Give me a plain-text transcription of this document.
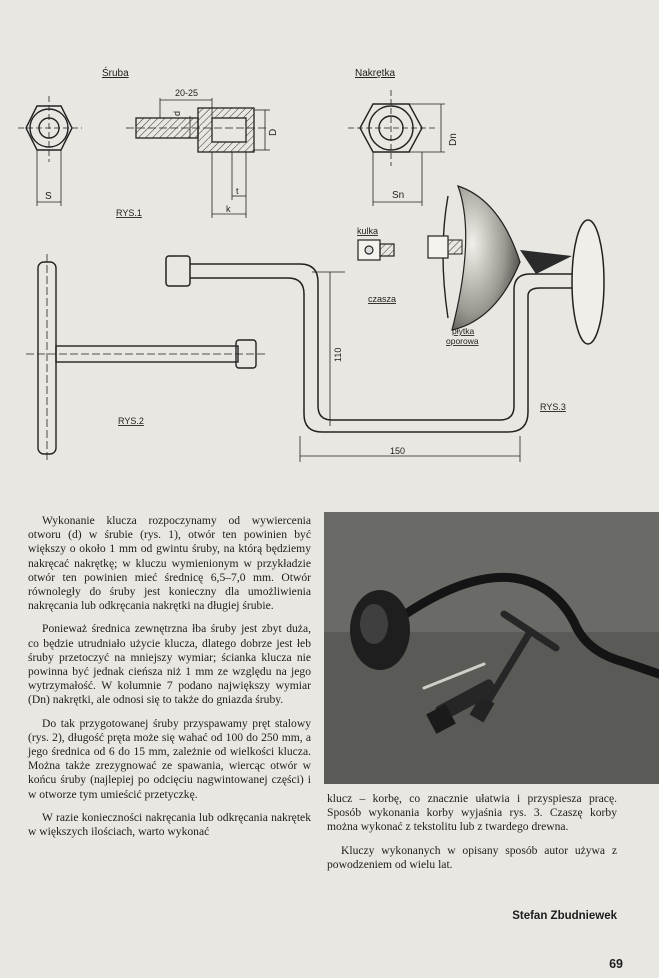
S
20-25
d
D
t
k
Śruba
RYS.1
Nakrętka
Dn
Sn
RYS.2
110
150
RYS.3
kulka
czasza
płytka
oporowa

Wykonanie klucza rozpoczynamy od wywiercenia otworu (d) w śrubie (rys. 1), otwór ten powinien być większy o około 1 mm od gwintu śruby, na którą będziemy nakręcać nakrętkę; w kluczu wymienionym w przykładzie otwór ten powinien mieć średnicę 6,5–7,0 mm. Otwór równoległy do śruby jest konieczny dla umożliwienia nakręcania lub odkręcania nakrętki na długiej śrubie.

Ponieważ średnica zewnętrzna łba śruby jest zbyt duża, co będzie utrudniało użycie klucza, dlatego dobrze jest łeb śruby przetoczyć na mniejszy wymiar; ścianka klucza nie powinna być jednak cieńsza niż 1 mm ze względu na jego wytrzymałość. W kolumnie 7 podano największy wymiar (Dn) nakrętki, ale odnosi się to także do gniazda śruby.

Do tak przygotowanej śruby przyspawamy pręt stalowy (rys. 2), długość pręta może się wahać od 100 do 250 mm, a jego średnica od 6 do 15 mm, zależnie od wielkości klucza. Można także zrezygnować ze spawania, wiercąc otwór w końcu śruby (najlepiej po odcięciu nagwintowanej części) i w otworze tym umieścić przetyczkę.

W razie konieczności nakręcania lub odkręcania nakrętek w większych ilościach, warto wykonać

klucz – korbę, co znacznie ułatwia i przyspiesza pracę. Sposób wykonania korby wyjaśnia rys. 3. Czaszę korby można wykonać z tekstolitu lub z twardego drewna.

Kluczy wykonanych w opisany sposób autor używa z powodzeniem od wielu lat.

Stefan Zbudniewek
69
